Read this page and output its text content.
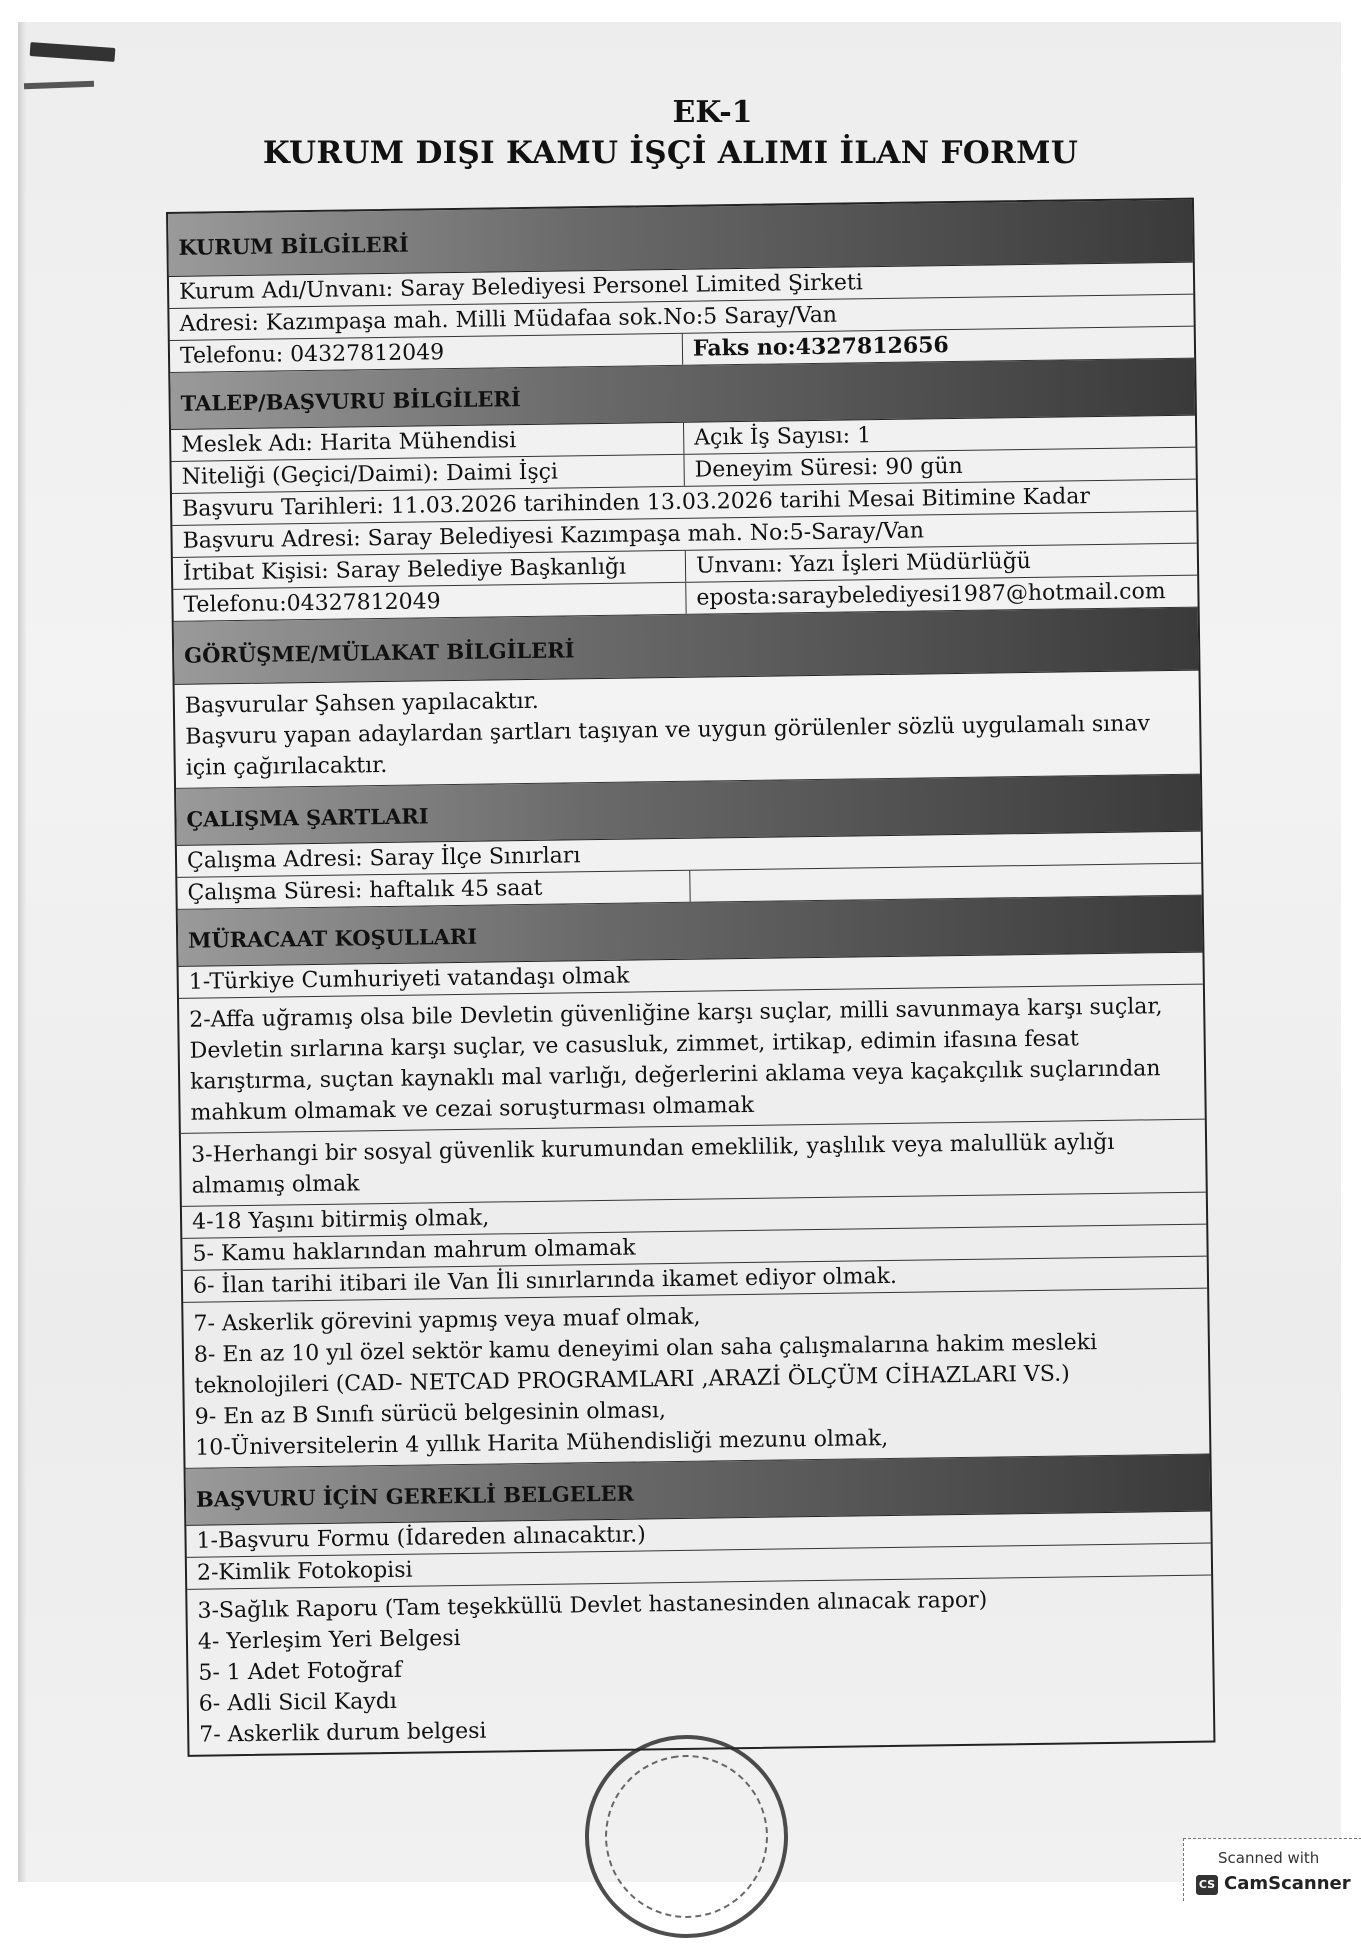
EK-1
KURUM DIŞI KAMU İŞÇİ ALIMI İLAN FORMU
KURUM BİLGİLERİ
Kurum Adı/Unvanı: Saray Belediyesi Personel Limited Şirketi
Adresi: Kazımpaşa mah. Milli Müdafaa sok.No:5 Saray/Van
Telefonu: 04327812049	Faks no:4327812656
TALEP/BAŞVURU BİLGİLERİ
Meslek Adı: Harita Mühendisi	Açık İş Sayısı: 1
Niteliği (Geçici/Daimi): Daimi İşçi	Deneyim Süresi: 90 gün
Başvuru Tarihleri: 11.03.2026 tarihinden 13.03.2026 tarihi Mesai Bitimine Kadar
Başvuru Adresi: Saray Belediyesi Kazımpaşa mah. No:5-Saray/Van
İrtibat Kişisi: Saray Belediye Başkanlığı	Unvanı: Yazı İşleri Müdürlüğü
Telefonu:04327812049	eposta:saraybelediyesi1987@hotmail.com
GÖRÜŞME/MÜLAKAT BİLGİLERİ
Başvurular Şahsen yapılacaktır.
Başvuru yapan adaylardan şartları taşıyan ve uygun görülenler sözlü uygulamalı sınav
için çağırılacaktır.
ÇALIŞMA ŞARTLARI
Çalışma Adresi: Saray İlçe Sınırları
Çalışma Süresi: haftalık 45 saat
MÜRACAAT KOŞULLARI
1-Türkiye Cumhuriyeti vatandaşı olmak
2-Affa uğramış olsa bile Devletin güvenliğine karşı suçlar, milli savunmaya karşı suçlar,
Devletin sırlarına karşı suçlar, ve casusluk, zimmet, irtikap, edimin ifasına fesat
karıştırma, suçtan kaynaklı mal varlığı, değerlerini aklama veya kaçakçılık suçlarından
mahkum olmamak ve cezai soruşturması olmamak
3-Herhangi bir sosyal güvenlik kurumundan emeklilik, yaşlılık veya malullük aylığı
almamış olmak
4-18 Yaşını bitirmiş olmak,
5- Kamu haklarından mahrum olmamak
6- İlan tarihi itibari ile Van İli sınırlarında ikamet ediyor olmak.
7- Askerlik görevini yapmış veya muaf olmak,
8- En az 10 yıl özel sektör kamu deneyimi olan saha çalışmalarına hakim mesleki
teknolojileri (CAD- NETCAD PROGRAMLARI ,ARAZİ ÖLÇÜM CİHAZLARI VS.)
9- En az B Sınıfı sürücü belgesinin olması,
10-Üniversitelerin 4 yıllık Harita Mühendisliği mezunu olmak,
BAŞVURU İÇİN GEREKLİ BELGELER
1-Başvuru Formu (İdareden alınacaktır.)
2-Kimlik Fotokopisi
3-Sağlık Raporu (Tam teşekküllü Devlet hastanesinden alınacak rapor)
4- Yerleşim Yeri Belgesi
5- 1 Adet Fotoğraf
6- Adli Sicil Kaydı
7- Askerlik durum belgesi
Scanned with
CS CamScanner
